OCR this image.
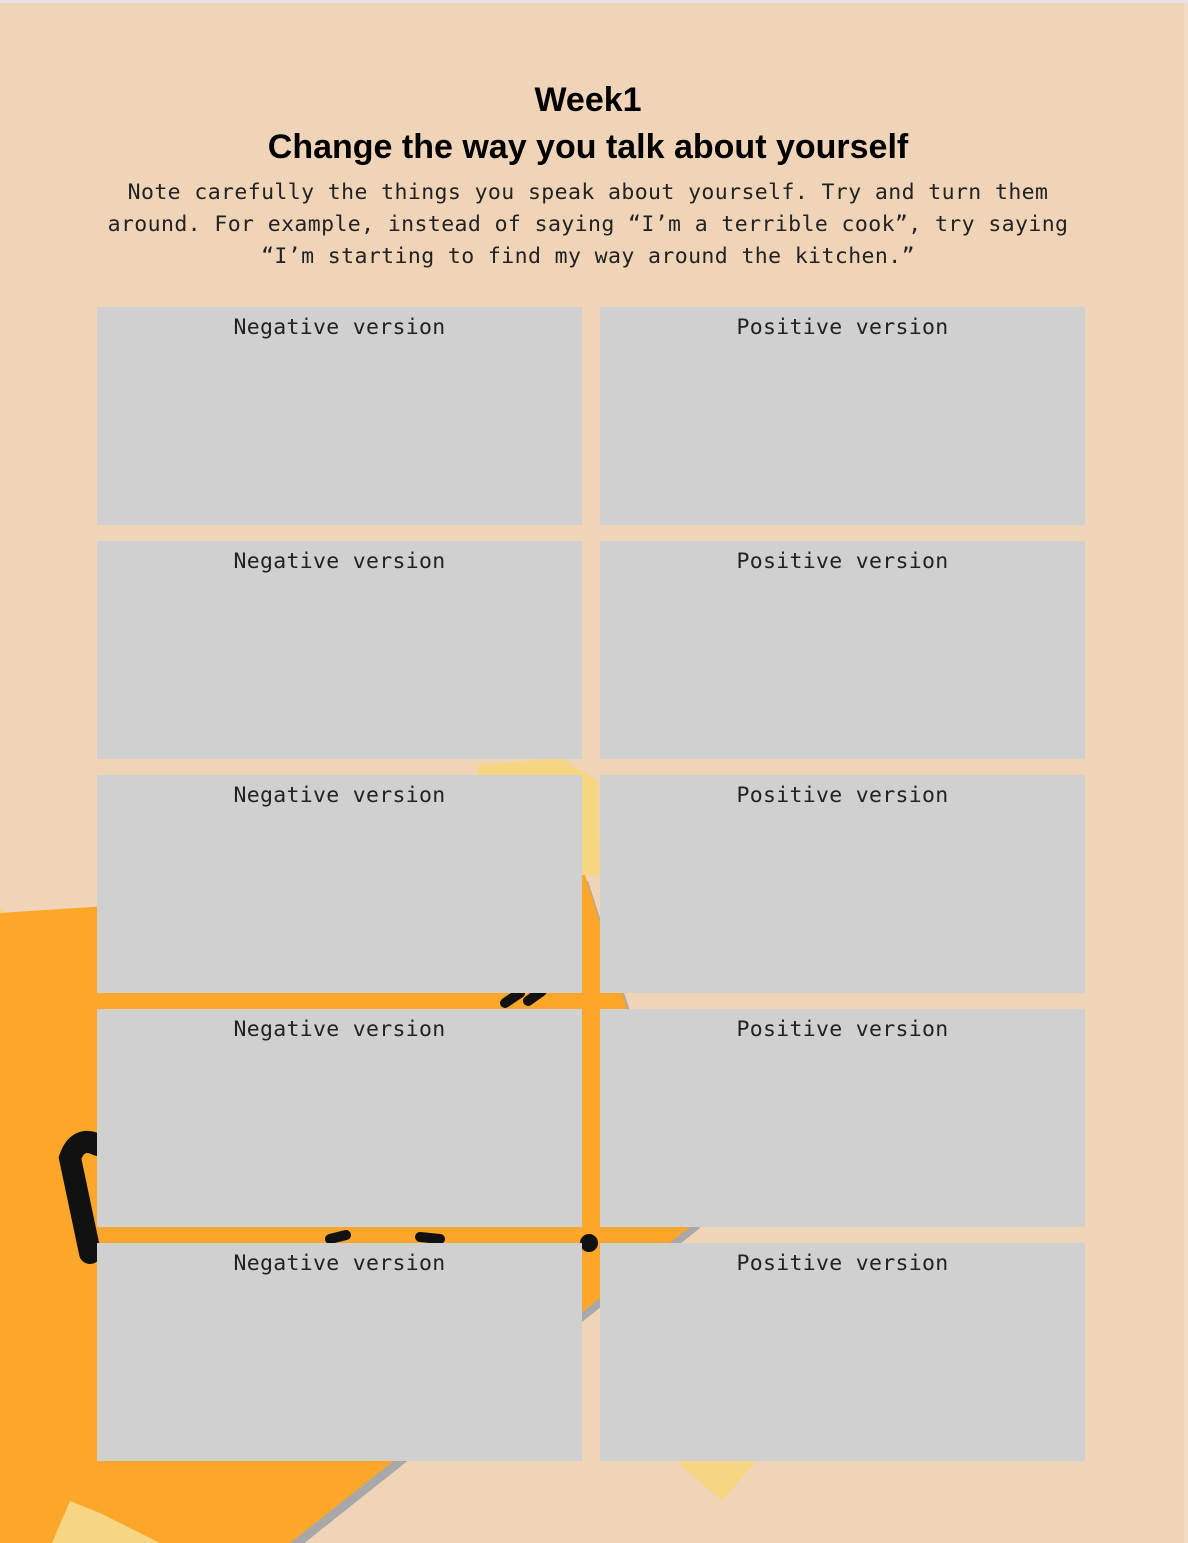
Week1
Change the way you talk about yourself
Note carefully the things you speak about yourself. Try and turn them around. For example, instead of saying “I’m a terrible cook”, try saying “I’m starting to find my way around the kitchen.”
Negative version	Positive version
Negative version	Positive version
Negative version	Positive version
Negative version	Positive version
Negative version	Positive version
